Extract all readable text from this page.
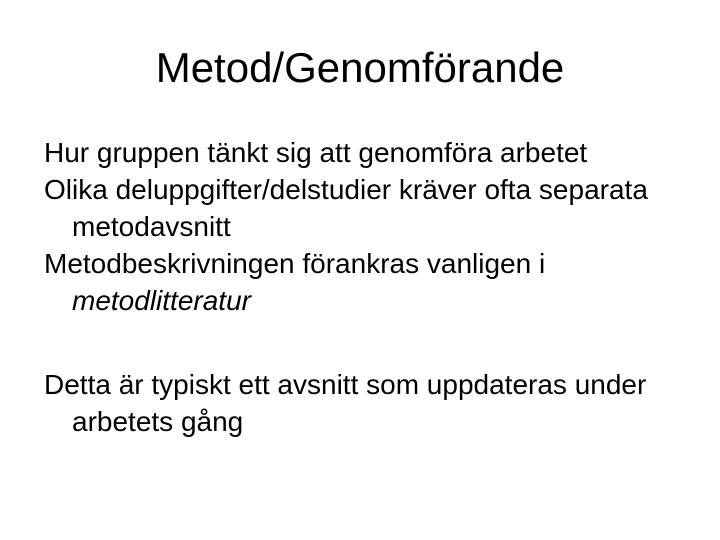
Metod/Genomförande
Hur gruppen tänkt sig att genomföra arbetet
Olika deluppgifter/delstudier kräver ofta separata metodavsnitt
Metodbeskrivningen förankras vanligen i metodlitteratur
Detta är typiskt ett avsnitt som uppdateras under arbetets gång
